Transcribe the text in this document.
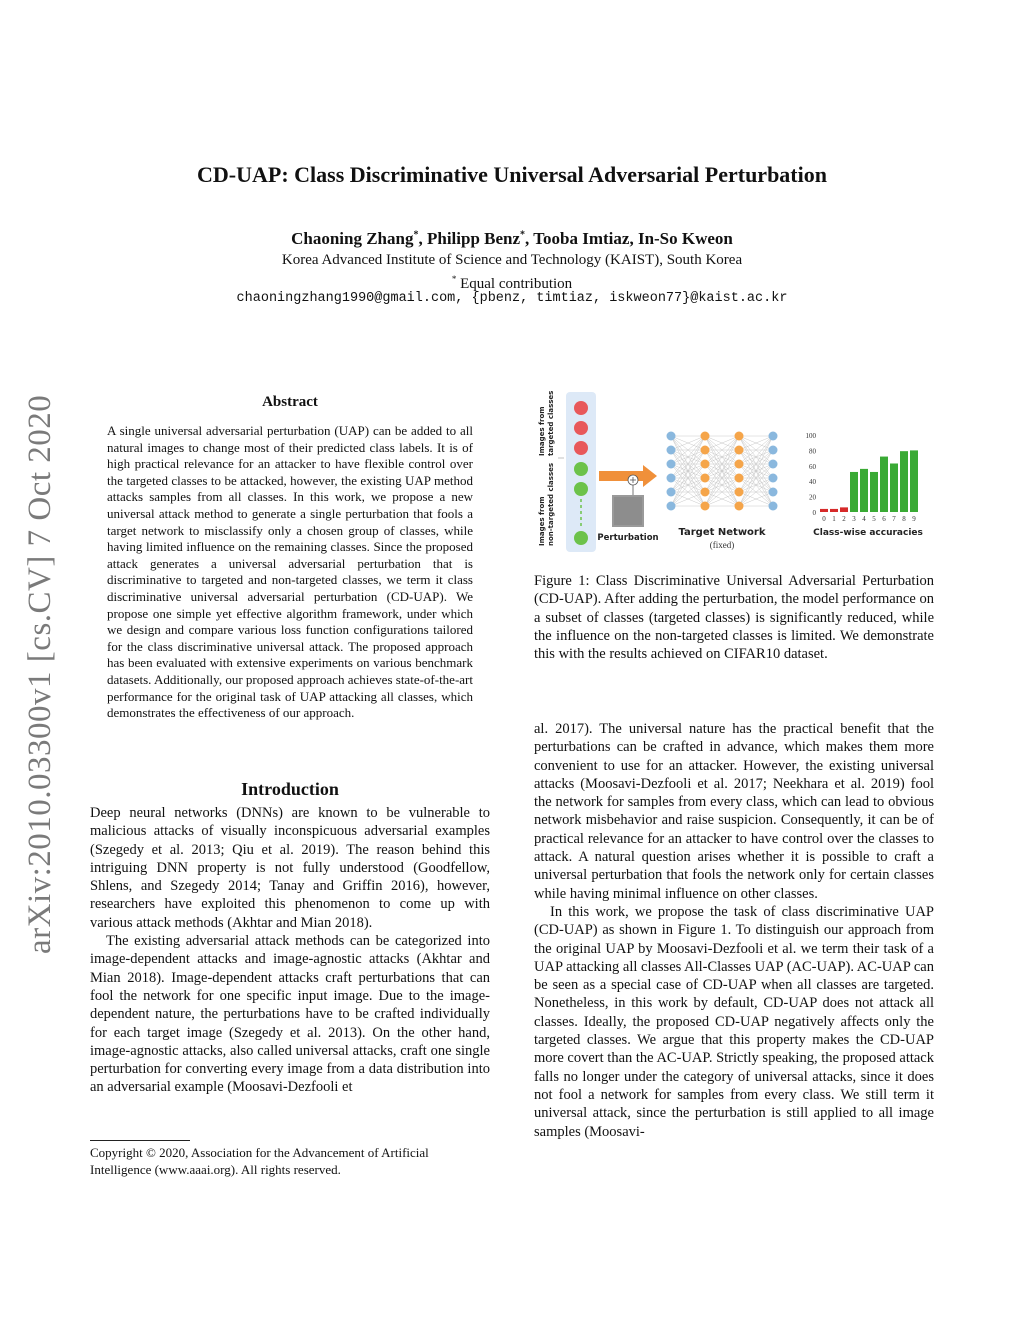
CD-UAP: Class Discriminative Universal Adversarial Perturbation
Chaoning Zhang*, Philipp Benz*, Tooba Imtiaz, In-So Kweon
Korea Advanced Institute of Science and Technology (KAIST), South Korea
* Equal contribution
chaoningzhang1990@gmail.com, {pbenz, timtiaz, iskweon77}@kaist.ac.kr
arXiv:2010.03300v1 [cs.CV] 7 Oct 2020	Abstract
A single universal adversarial perturbation (UAP) can be added to all natural images to change most of their predicted class labels. It is of high practical relevance for an attacker to have flexible control over the targeted classes to be attacked, however, the existing UAP method attacks samples from all classes. In this work, we propose a new universal attack method to generate a single perturbation that fools a target network to misclassify only a chosen group of classes, while having limited influence on the remaining classes. Since the proposed attack generates a universal adversarial perturbation that is discriminative to targeted and non-targeted classes, we term it class discriminative universal adversarial perturbation (CD-UAP). We propose one simple yet effective algorithm framework, under which we design and compare various loss function configurations tailored for the class discriminative universal attack. The proposed approach has been evaluated with extensive experiments on various benchmark datasets. Additionally, our proposed approach achieves state-of-the-art performance for the original task of UAP attacking all classes, which demonstrates the effectiveness of our approach.
Introduction

Deep neural networks (DNNs) are known to be vulnerable to malicious attacks of visually inconspicuous adversarial examples (Szegedy et al. 2013; Qiu et al. 2019). The reason behind this intriguing DNN property is not fully understood (Goodfellow, Shlens, and Szegedy 2014; Tanay and Griffin 2016), however, researchers have exploited this phenomenon to come up with various attack methods (Akhtar and Mian 2018).

The existing adversarial attack methods can be categorized into image-dependent attacks and image-agnostic attacks (Akhtar and Mian 2018). Image-dependent attacks craft perturbations that can fool the network for one specific input image. Due to the image-dependent nature, the perturbations have to be crafted individually for each target image (Szegedy et al. 2013). On the other hand, image-agnostic attacks, also called universal attacks, craft one single perturbation for converting every image from a data distribution into an adversarial example (Moosavi-Dezfooli et

Copyright © 2020, Association for the Advancement of Artificial Intelligence (www.aaai.org). All rights reserved.
Images from targeted classes
Images from non-targeted classes	Perturbation Target Network
(fixed)
0
20
40
60
80
100
0 1 2 3 4 5 6 7 8 9
Class-wise accuracies
Figure 1: Class Discriminative Universal Adversarial Perturbation (CD-UAP). After adding the perturbation, the model performance on a subset of classes (targeted classes) is significantly reduced, while the influence on the non-targeted classes is limited. We demonstrate this with the results achieved on CIFAR10 dataset.

al. 2017). The universal nature has the practical benefit that the perturbations can be crafted in advance, which makes them more convenient to use for an attacker. However, the existing universal attacks (Moosavi-Dezfooli et al. 2017; Neekhara et al. 2019) fool the network for samples from every class, which can lead to obvious network misbehavior and raise suspicion. Consequently, it can be of practical relevance for an attacker to have control over the classes to attack. A natural question arises whether it is possible to craft a universal perturbation that fools the network only for certain classes while having minimal influence on other classes.

In this work, we propose the task of class discriminative UAP (CD-UAP) as shown in Figure 1. To distinguish our approach from the original UAP by Moosavi-Dezfooli et al. we term their task of a UAP attacking all classes All-Classes UAP (AC-UAP). AC-UAP can be seen as a special case of CD-UAP when all classes are targeted. Nonetheless, in this work by default, CD-UAP does not attack all classes. Ideally, the proposed CD-UAP negatively affects only the targeted classes. We argue that this property makes the CD-UAP more covert than the AC-UAP. Strictly speaking, the proposed attack falls no longer under the category of universal attacks, since it does not fool a network for samples from every class. We still term it universal attack, since the perturbation is still applied to all image samples (Moosavi-
